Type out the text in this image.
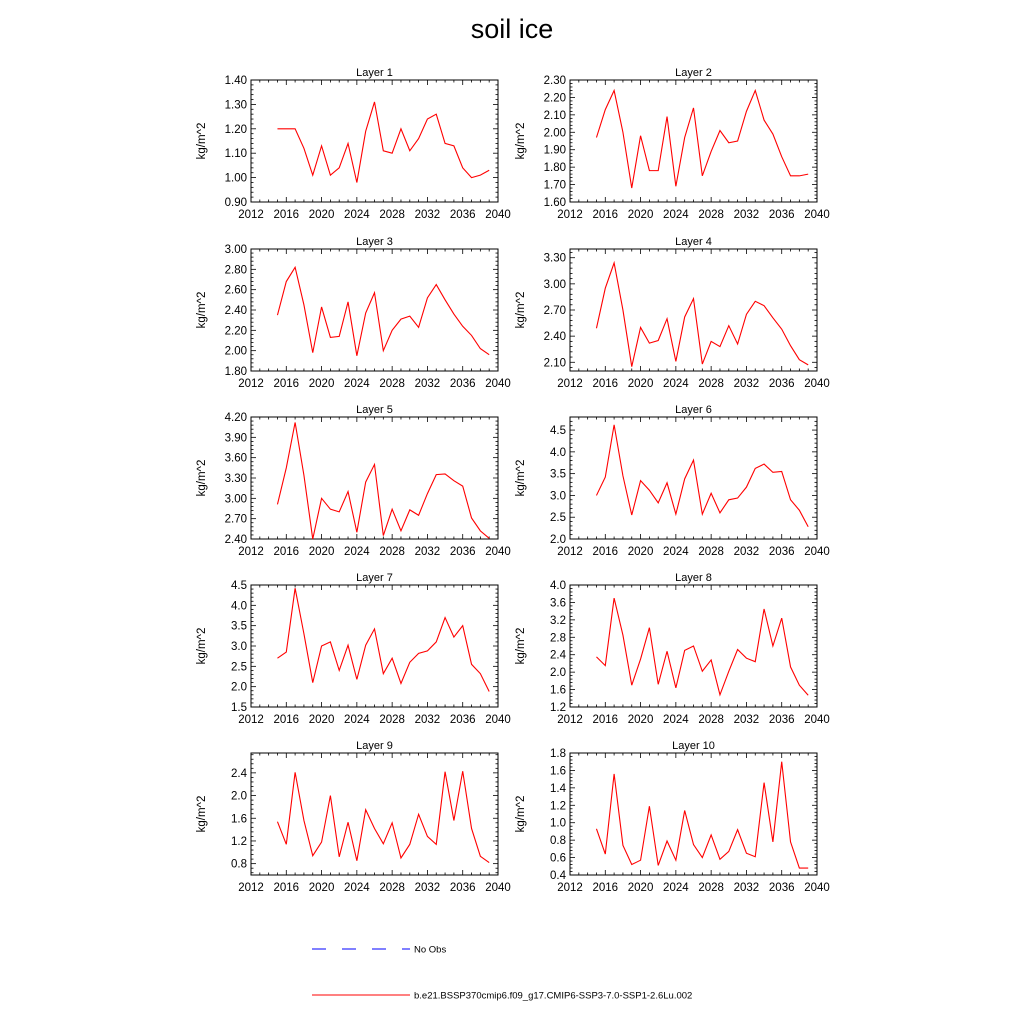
soil ice
Layer 1
2012 2016 2020 2024 2028 2032 2036 2040
0.90
1.00
1.10
1.20
1.30
1.40
kg/m^2
Layer 2
2012 2016 2020 2024 2028 2032 2036 2040
1.60
1.70
1.80
1.90
2.00
2.10
2.20
2.30
kg/m^2
Layer 3
2012 2016 2020 2024 2028 2032 2036 2040
1.80
2.00
2.20
2.40
2.60
2.80
3.00
kg/m^2
Layer 4
2012 2016 2020 2024 2028 2032 2036 2040
2.10
2.40
2.70
3.00
3.30
kg/m^2
Layer 5
2012 2016 2020 2024 2028 2032 2036 2040
2.40
2.70
3.00
3.30
3.60
3.90
4.20
kg/m^2
Layer 6
2012 2016 2020 2024 2028 2032 2036 2040
2.0
2.5
3.0
3.5
4.0
4.5
kg/m^2
Layer 7
2012 2016 2020 2024 2028 2032 2036 2040
1.5
2.0
2.5
3.0
3.5
4.0
4.5
kg/m^2
Layer 8
2012 2016 2020 2024 2028 2032 2036 2040
1.2
1.6
2.0
2.4
2.8
3.2
3.6
4.0
kg/m^2
Layer 9
2012 2016 2020 2024 2028 2032 2036 2040
0.8
1.2
1.6
2.0
2.4
kg/m^2
Layer 10
2012 2016 2020 2024 2028 2032 2036 2040
0.4
0.6
0.8
1.0
1.2
1.4
1.6
1.8
kg/m^2
No Obs
b.e21.BSSP370cmip6.f09_g17.CMIP6-SSP3-7.0-SSP1-2.6Lu.002
